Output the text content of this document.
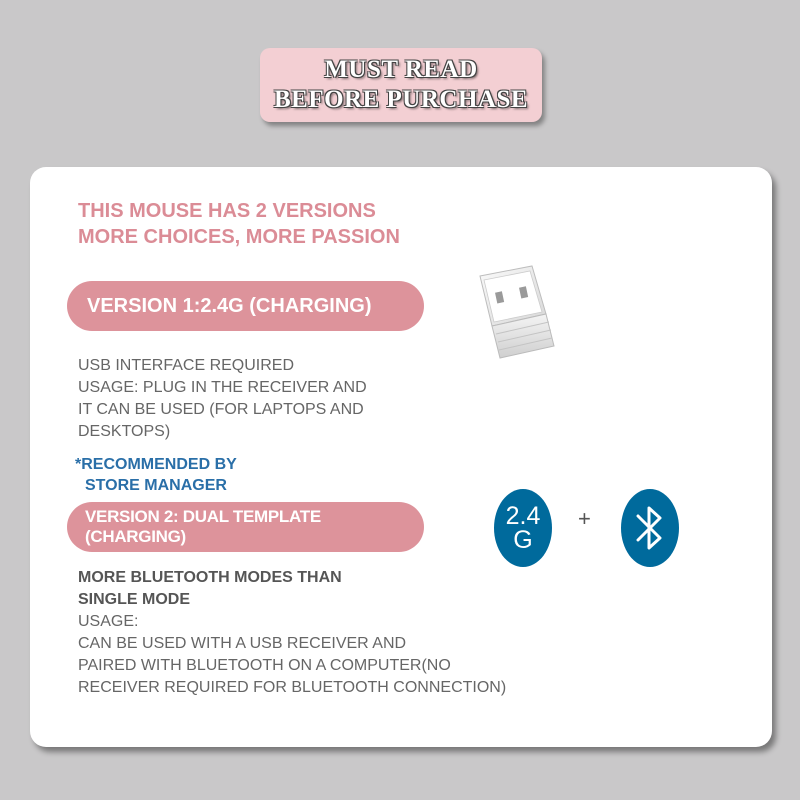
MUST READ
BEFORE PURCHASE
THIS MOUSE HAS 2 VERSIONS
MORE CHOICES, MORE PASSION
VERSION 1:2.4G (CHARGING)
USB INTERFACE REQUIRED
USAGE: PLUG IN THE RECEIVER AND
IT CAN BE USED (FOR LAPTOPS AND
DESKTOPS)
*RECOMMENDED BY
STORE MANAGER
VERSION 2: DUAL TEMPLATE (CHARGING)
2.4
G
+
MORE BLUETOOTH MODES THAN
SINGLE MODE
USAGE:
CAN BE USED WITH A USB RECEIVER AND
PAIRED WITH BLUETOOTH ON A COMPUTER(NO
RECEIVER REQUIRED FOR BLUETOOTH CONNECTION)
